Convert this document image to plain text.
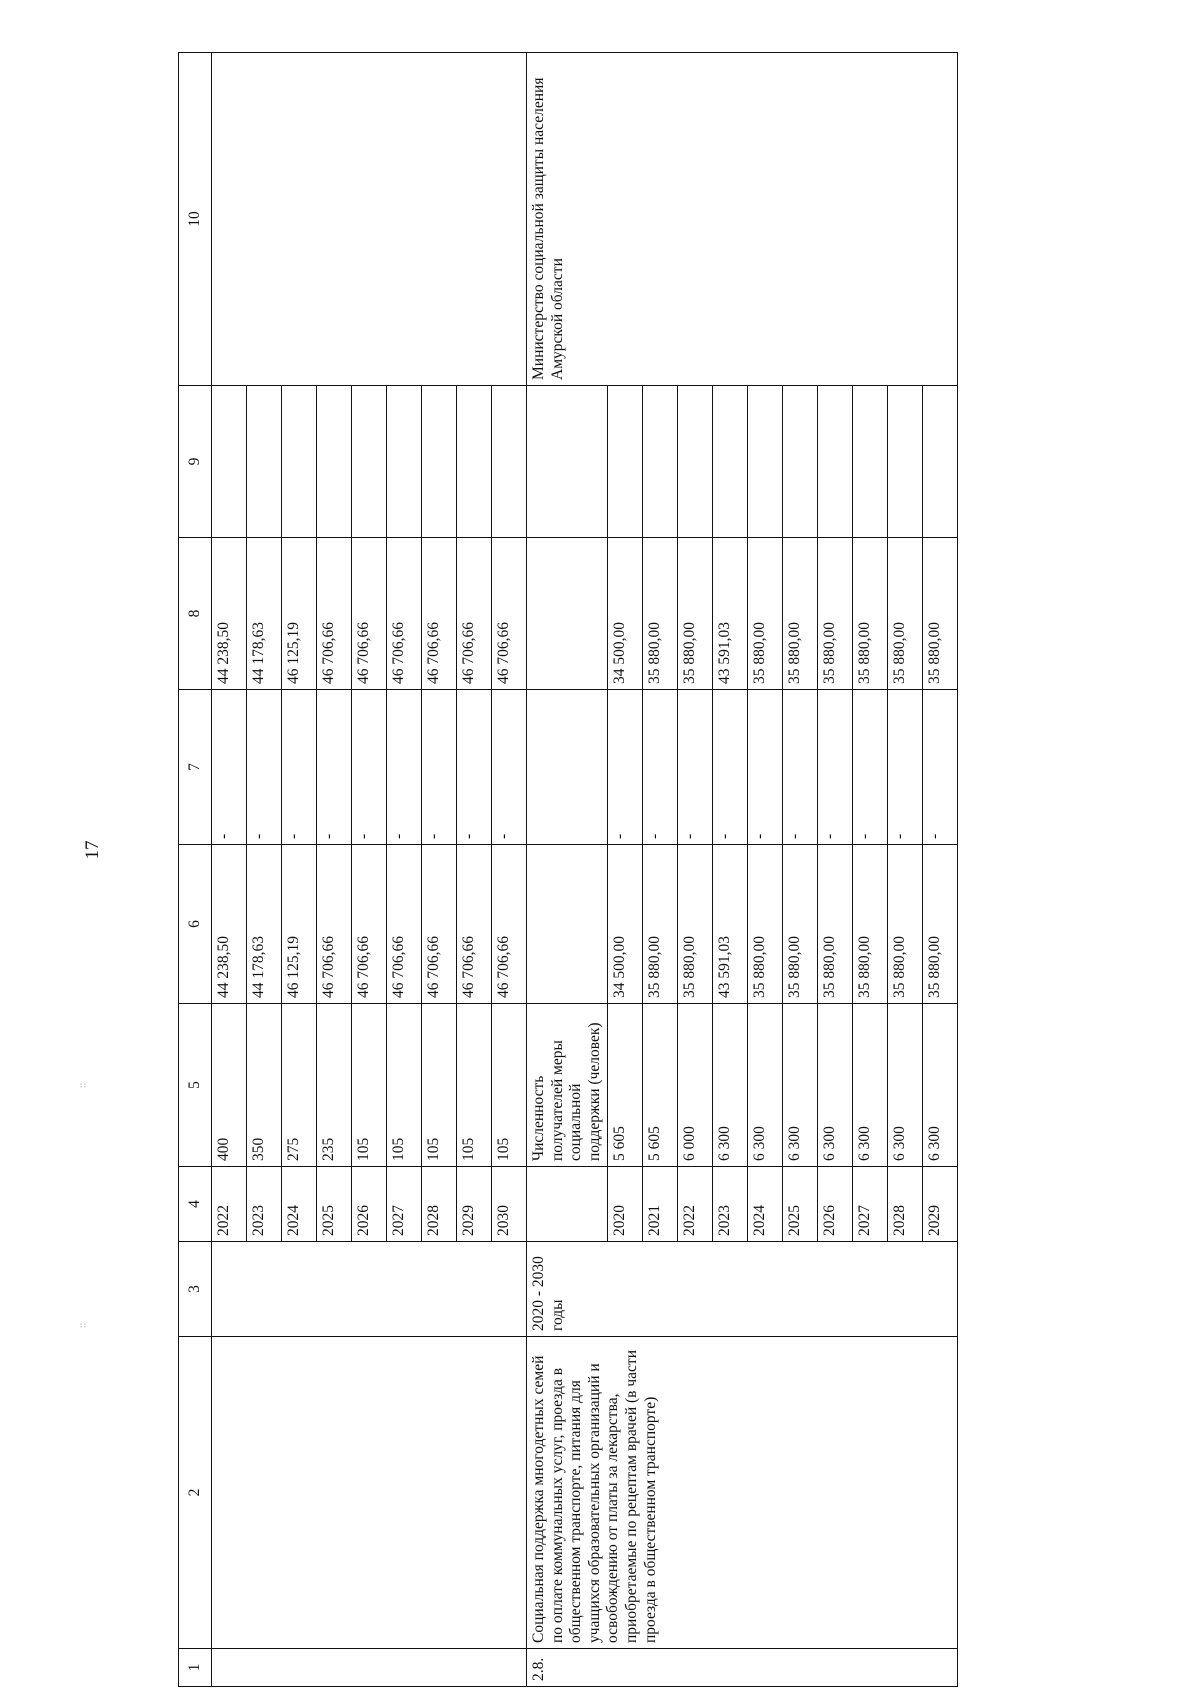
17
::
::
1	2	3	4	5	6	7	8	9	10
			2022	400	44 238,50	-	44 238,50		
			2023	350	44 178,63	-	44 178,63		
			2024	275	46 125,19	-	46 125,19		
			2025	235	46 706,66	-	46 706,66		
			2026	105	46 706,66	-	46 706,66		
			2027	105	46 706,66	-	46 706,66		
			2028	105	46 706,66	-	46 706,66		
			2029	105	46 706,66	-	46 706,66		
			2030	105	46 706,66	-	46 706,66		
2.8.	Социальная поддержка многодетных семей по оплате коммунальных услуг, проезда в общественном транспорте, питания для учащихся образовательных организаций и освобождению от платы за лекарства, приобретаемые по рецептам врачей (в части проезда в общественном транспорте)	2020 - 2030 годы		Численность получателей меры социальной поддержки (человек)					Министерство социальной защиты населения Амурской области
			2020	5 605	34 500,00	-	34 500,00		
			2021	5 605	35 880,00	-	35 880,00		
			2022	6 000	35 880,00	-	35 880,00		
			2023	6 300	43 591,03	-	43 591,03		
			2024	6 300	35 880,00	-	35 880,00		
			2025	6 300	35 880,00	-	35 880,00		
			2026	6 300	35 880,00	-	35 880,00		
			2027	6 300	35 880,00	-	35 880,00		
			2028	6 300	35 880,00	-	35 880,00		
			2029	6 300	35 880,00	-	35 880,00		
